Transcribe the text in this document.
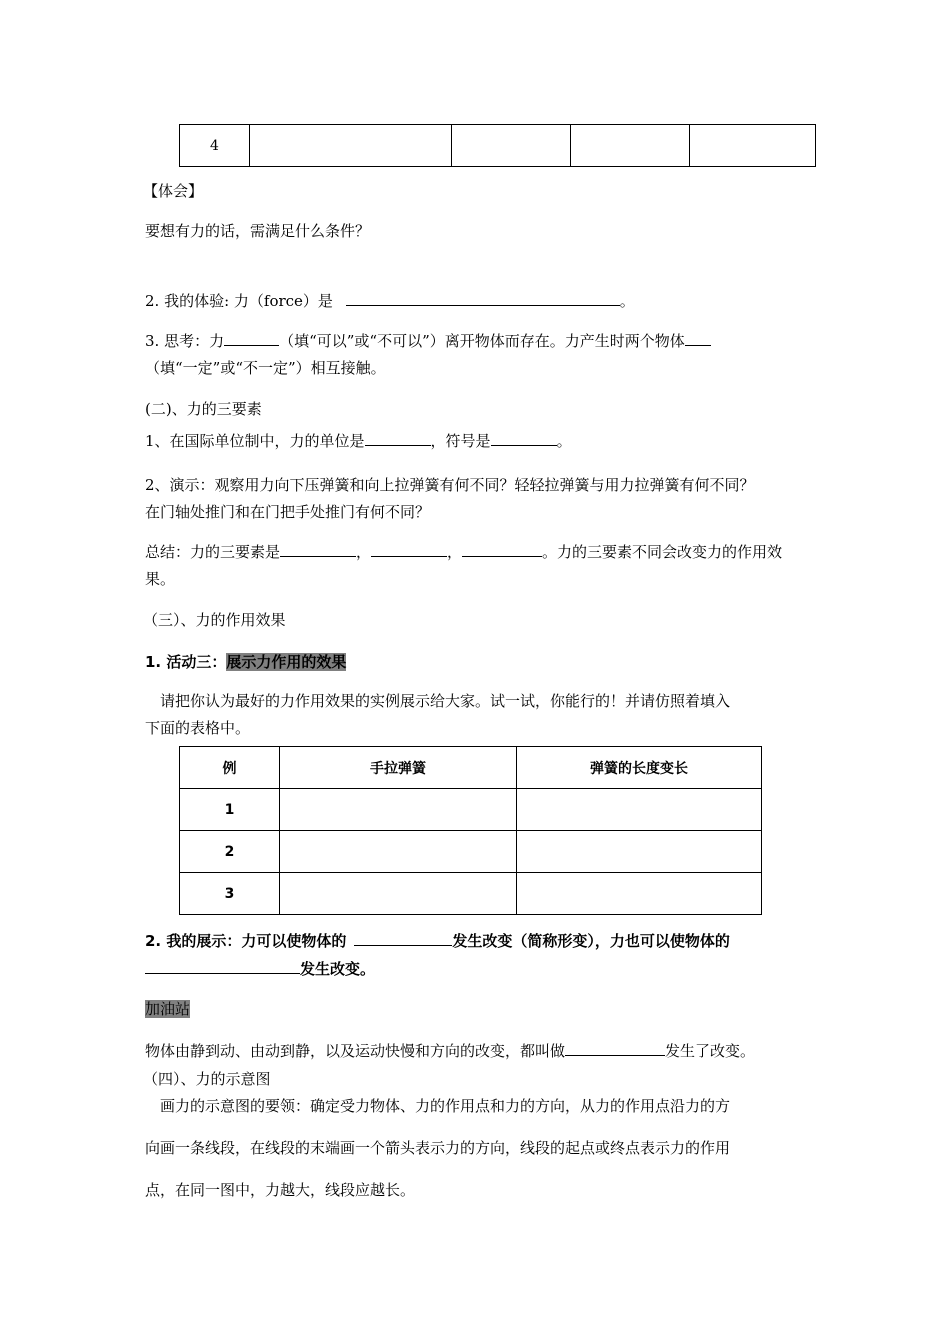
4				
【体会】
要想有力的话，需满足什么条件？
2. 我的体验: 力（force）是	。
3. 思考：力	（填“可以”或“不可以”）离开物体而存在。力产生时两个物体
（填“一定”或“不一定”）相互接触。
(二)、力的三要素
1、在国际单位制中，力的单位是	，符号是	。
2、演示：观察用力向下压弹簧和向上拉弹簧有何不同？轻轻拉弹簧与用力拉弹簧有何不同？
在门轴处推门和在门把手处推门有何不同？
总结：力的三要素是	，	，	。力的三要素不同会改变力的作用效
果。
（三）、力的作用效果
1. 活动三：展示力作用的效果
请把你认为最好的力作用效果的实例展示给大家。试一试，你能行的！并请仿照着填入
下面的表格中。
例	手拉弹簧	弹簧的长度变长
1		
2		
3		
2. 我的展示：力可以使物体的	发生改变（简称形变），力也可以使物体的
发生改变。
加油站
物体由静到动、由动到静，以及运动快慢和方向的改变，都叫做	发生了改变。
（四）、力的示意图
画力的示意图的要领：确定受力物体、力的作用点和力的方向，从力的作用点沿力的方
向画一条线段，在线段的末端画一个箭头表示力的方向，线段的起点或终点表示力的作用
点，在同一图中，力越大，线段应越长。
